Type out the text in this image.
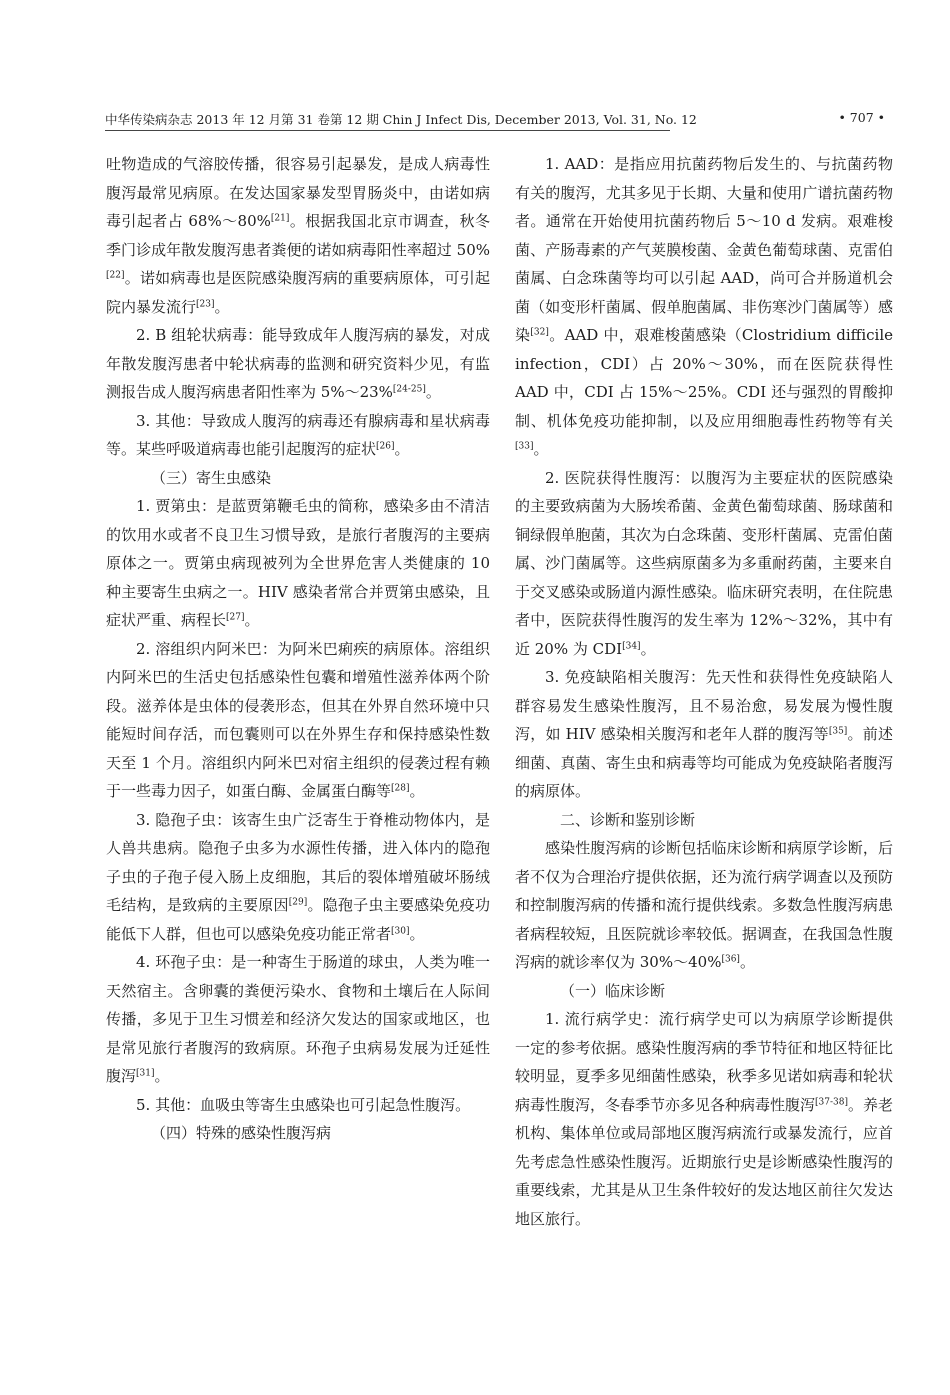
中华传染病杂志 2013 年 12 月第 31 卷第 12 期 Chin J Infect Dis, December 2013, Vol. 31, No. 12	• 707 •

吐物造成的气溶胶传播，很容易引起暴发，是成人病毒性腹泻最常见病原。在发达国家暴发型胃肠炎中，由诺如病毒引起者占 68%～80%[21]。根据我国北京市调查，秋冬季门诊成年散发腹泻患者粪便的诺如病毒阳性率超过 50%[22]。诺如病毒也是医院感染腹泻病的重要病原体，可引起院内暴发流行[23]。

2. B 组轮状病毒：能导致成年人腹泻病的暴发，对成年散发腹泻患者中轮状病毒的监测和研究资料少见，有监测报告成人腹泻病患者阳性率为 5%～23%[24-25]。

3. 其他：导致成人腹泻的病毒还有腺病毒和星状病毒等。某些呼吸道病毒也能引起腹泻的症状[26]。

（三）寄生虫感染

1. 贾第虫：是蓝贾第鞭毛虫的简称，感染多由不清洁的饮用水或者不良卫生习惯导致，是旅行者腹泻的主要病原体之一。贾第虫病现被列为全世界危害人类健康的 10 种主要寄生虫病之一。HIV 感染者常合并贾第虫感染，且症状严重、病程长[27]。

2. 溶组织内阿米巴：为阿米巴痢疾的病原体。溶组织内阿米巴的生活史包括感染性包囊和增殖性滋养体两个阶段。滋养体是虫体的侵袭形态，但其在外界自然环境中只能短时间存活，而包囊则可以在外界生存和保持感染性数天至 1 个月。溶组织内阿米巴对宿主组织的侵袭过程有赖于一些毒力因子，如蛋白酶、金属蛋白酶等[28]。

3. 隐孢子虫：该寄生虫广泛寄生于脊椎动物体内，是人兽共患病。隐孢子虫多为水源性传播，进入体内的隐孢子虫的子孢子侵入肠上皮细胞，其后的裂体增殖破坏肠绒毛结构，是致病的主要原因[29]。隐孢子虫主要感染免疫功能低下人群，但也可以感染免疫功能正常者[30]。

4. 环孢子虫：是一种寄生于肠道的球虫，人类为唯一天然宿主。含卵囊的粪便污染水、食物和土壤后在人际间传播，多见于卫生习惯差和经济欠发达的国家或地区，也是常见旅行者腹泻的致病原。环孢子虫病易发展为迁延性腹泻[31]。

5. 其他：血吸虫等寄生虫感染也可引起急性腹泻。

（四）特殊的感染性腹泻病

1. AAD：是指应用抗菌药物后发生的、与抗菌药物有关的腹泻，尤其多见于长期、大量和使用广谱抗菌药物者。通常在开始使用抗菌药物后 5～10 d 发病。艰难梭菌、产肠毒素的产气荚膜梭菌、金黄色葡萄球菌、克雷伯菌属、白念珠菌等均可以引起 AAD，尚可合并肠道机会菌（如变形杆菌属、假单胞菌属、非伤寒沙门菌属等）感染[32]。AAD 中，艰难梭菌感染（Clostridium difficile infection，CDI）占 20%～30%，而在医院获得性 AAD 中，CDI 占 15%～25%。CDI 还与强烈的胃酸抑制、机体免疫功能抑制，以及应用细胞毒性药物等有关[33]。

2. 医院获得性腹泻：以腹泻为主要症状的医院感染的主要致病菌为大肠埃希菌、金黄色葡萄球菌、肠球菌和铜绿假单胞菌，其次为白念珠菌、变形杆菌属、克雷伯菌属、沙门菌属等。这些病原菌多为多重耐药菌，主要来自于交叉感染或肠道内源性感染。临床研究表明，在住院患者中，医院获得性腹泻的发生率为 12%～32%，其中有近 20% 为 CDI[34]。

3. 免疫缺陷相关腹泻：先天性和获得性免疫缺陷人群容易发生感染性腹泻，且不易治愈，易发展为慢性腹泻，如 HIV 感染相关腹泻和老年人群的腹泻等[35]。前述细菌、真菌、寄生虫和病毒等均可能成为免疫缺陷者腹泻的病原体。

二、诊断和鉴别诊断

感染性腹泻病的诊断包括临床诊断和病原学诊断，后者不仅为合理治疗提供依据，还为流行病学调查以及预防和控制腹泻病的传播和流行提供线索。多数急性腹泻病患者病程较短，且医院就诊率较低。据调查，在我国急性腹泻病的就诊率仅为 30%～40%[36]。

（一）临床诊断

1. 流行病学史：流行病学史可以为病原学诊断提供一定的参考依据。感染性腹泻病的季节特征和地区特征比较明显，夏季多见细菌性感染，秋季多见诺如病毒和轮状病毒性腹泻，冬春季节亦多见各种病毒性腹泻[37-38]。养老机构、集体单位或局部地区腹泻病流行或暴发流行，应首先考虑急性感染性腹泻。近期旅行史是诊断感染性腹泻的重要线索，尤其是从卫生条件较好的发达地区前往欠发达地区旅行。
